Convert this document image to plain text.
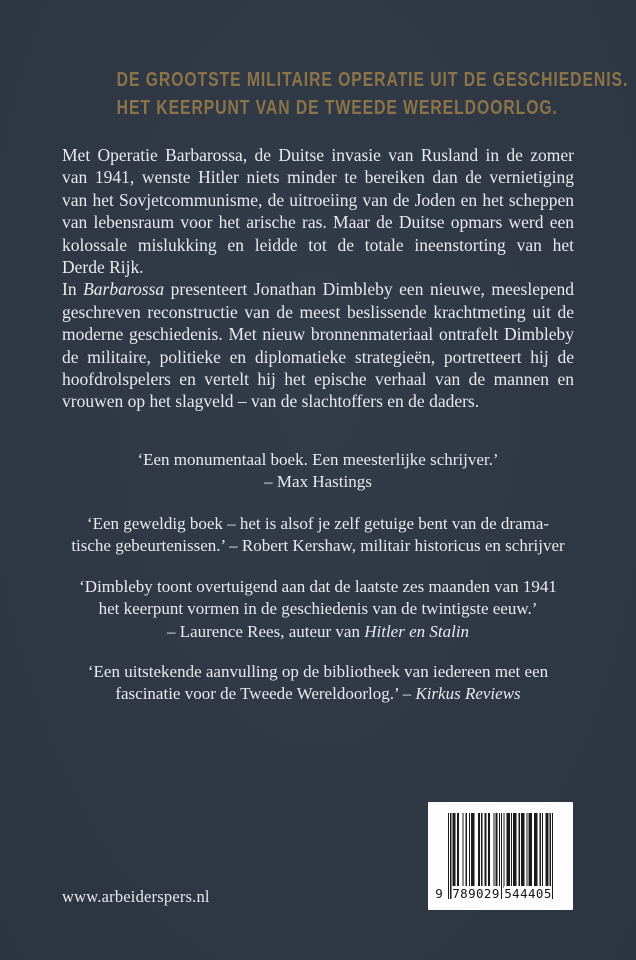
DE GROOTSTE MILITAIRE OPERATIE UIT DE GESCHIEDENIS.
HET KEERPUNT VAN DE TWEEDE WERELDOORLOG.
Met Operatie Barbarossa, de Duitse invasie van Rusland in de zomer
van 1941, wenste Hitler niets minder te bereiken dan de vernietiging
van het Sovjetcommunisme, de uitroeiing van de Joden en het scheppen
van lebensraum voor het arische ras. Maar de Duitse opmars werd een
kolossale mislukking en leidde tot de totale ineenstorting van het
Derde Rijk.
In Barbarossa presenteert Jonathan Dimbleby een nieuwe, meeslepend
geschreven reconstructie van de meest beslissende krachtmeting uit de
moderne geschiedenis. Met nieuw bronnenmateriaal ontrafelt Dimbleby
de militaire, politieke en diplomatieke strategieën, portretteert hij de
hoofdrolspelers en vertelt hij het epische verhaal van de mannen en
vrouwen op het slagveld – van de slachtoffers en de daders.
‘Een monumentaal boek. Een meesterlijke schrijver.’
– Max Hastings
‘Een geweldig boek – het is alsof je zelf getuige bent van de drama-
tische gebeurtenissen.’ – Robert Kershaw, militair historicus en schrijver
‘Dimbleby toont overtuigend aan dat de laatste zes maanden van 1941
het keerpunt vormen in de geschiedenis van de twintigste eeuw.’
– Laurence Rees, auteur van Hitler en Stalin
‘Een uitstekende aanvulling op de bibliotheek van iedereen met een
fascinatie voor de Tweede Wereldoorlog.’ – Kirkus Reviews
www.arbeiderspers.nl	9 789029 544405
